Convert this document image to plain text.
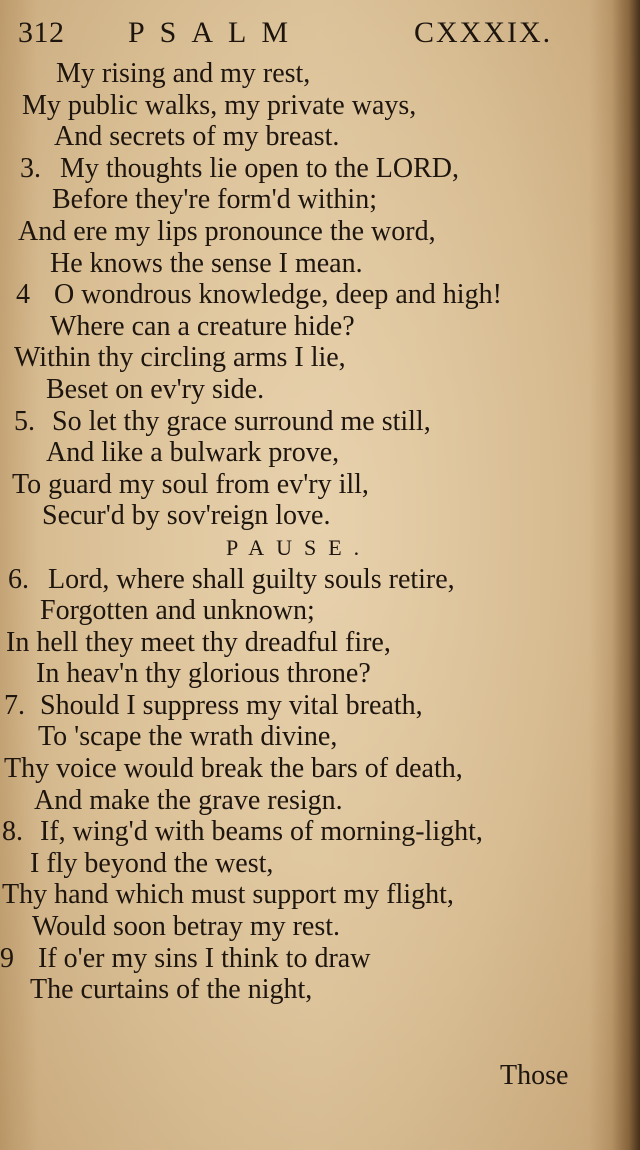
312 PSALM	CXXXIX.
My rising and my rest,
My public walks, my private ways,
And secrets of my breast.
3. My thoughts lie open to the LORD,
Before they're form'd within;
And ere my lips pronounce the word,
He knows the sense I mean.
4 O wondrous knowledge, deep and high!
Where can a creature hide?
Within thy circling arms I lie,
Beset on ev'ry side.
5. So let thy grace surround me still,
And like a bulwark prove,
To guard my soul from ev'ry ill,
Secur'd by sov'reign love.
PAUSE.
6. Lord, where shall guilty souls retire,
Forgotten and unknown;
In hell they meet thy dreadful fire,
In heav'n thy glorious throne?
7. Should I suppress my vital breath,
To 'scape the wrath divine,
Thy voice would break the bars of death,
And make the grave resign.
8. If, wing'd with beams of morning-light,
I fly beyond the west,
Thy hand which must support my flight,
Would soon betray my rest.
9 If o'er my sins I think to draw
The curtains of the night,
Those
